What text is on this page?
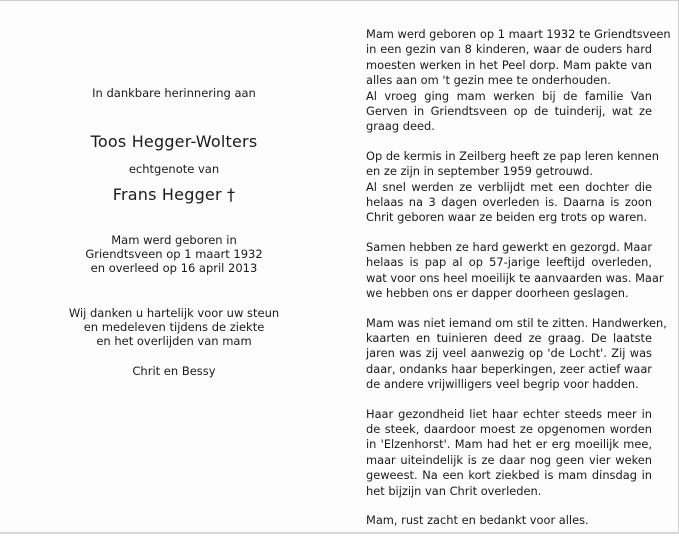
In dankbare herinnering aan
Toos Hegger-Wolters
echtgenote van
Frans Hegger †
Mam werd geboren in
Griendtsveen op 1 maart 1932
en overleed op 16 april 2013
Wij danken u hartelijk voor uw steun
en medeleven tijdens de ziekte
en het overlijden van mam
Chrit en Bessy
Mam werd geboren op 1 maart 1932 te Griendtsveen
in een gezin van 8 kinderen, waar de ouders hard
moesten werken in het Peel dorp. Mam pakte van
alles aan om 't gezin mee te onderhouden.
Al vroeg ging mam werken bij de familie Van
Gerven in Griendtsveen op de tuinderij, wat ze
graag deed.
Op de kermis in Zeilberg heeft ze pap leren kennen
en ze zijn in september 1959 getrouwd.
Al snel werden ze verblijdt met een dochter die
helaas na 3 dagen overleden is. Daarna is zoon
Chrit geboren waar ze beiden erg trots op waren.
Samen hebben ze hard gewerkt en gezorgd. Maar
helaas is pap al op 57-jarige leeftijd overleden,
wat voor ons heel moeilijk te aanvaarden was. Maar
we hebben ons er dapper doorheen geslagen.
Mam was niet iemand om stil te zitten. Handwerken,
kaarten en tuinieren deed ze graag. De laatste
jaren was zij veel aanwezig op 'de Locht'. Zij was
daar, ondanks haar beperkingen, zeer actief waar
de andere vrijwilligers veel begrip voor hadden.
Haar gezondheid liet haar echter steeds meer in
de steek, daardoor moest ze opgenomen worden
in 'Elzenhorst'. Mam had het er erg moeilijk mee,
maar uiteindelijk is ze daar nog geen vier weken
geweest. Na een kort ziekbed is mam dinsdag in
het bijzijn van Chrit overleden.
Mam, rust zacht en bedankt voor alles.
